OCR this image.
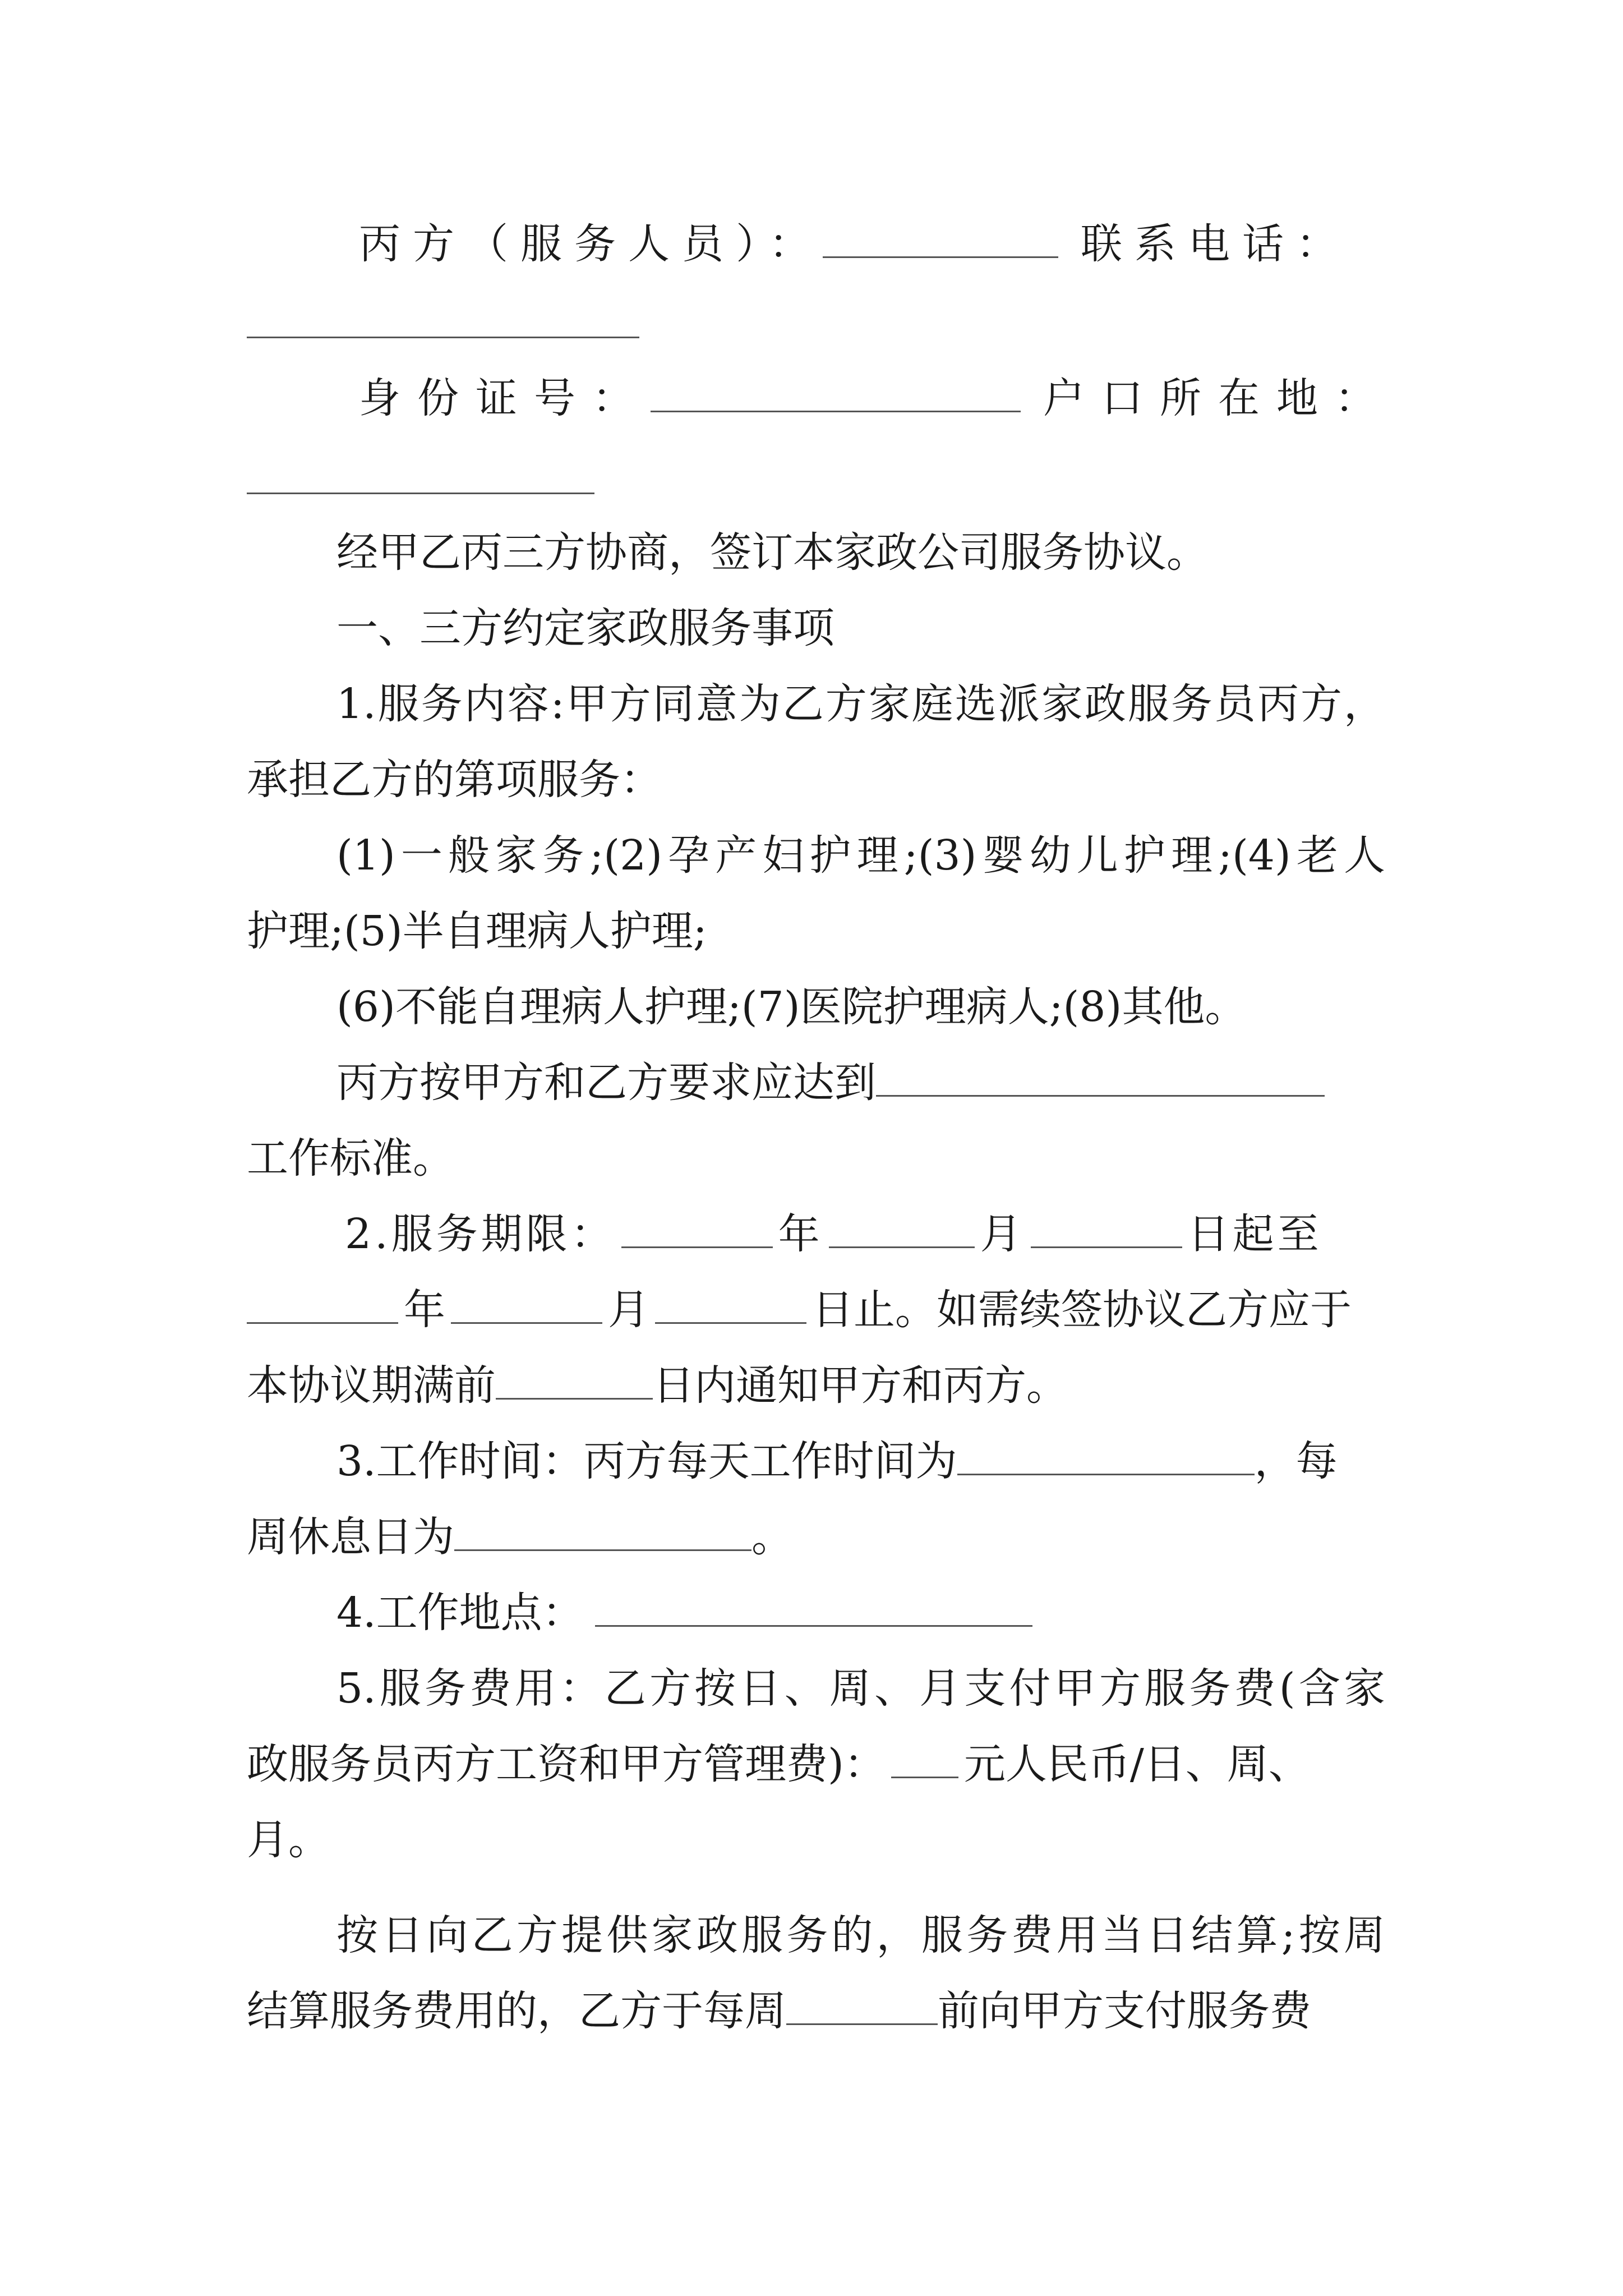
丙方（服务人员）：	联系电话：
身份证号：	户口所在地：
经甲乙丙三方协商，签订本家政公司服务协议。
一、三方约定家政服务事项
1.服务内容:甲方同意为乙方家庭选派家政服务员丙方，
承担乙方的第项服务：
(1)一般家务;(2)孕产妇护理;(3)婴幼儿护理;(4)老人
护理;(5)半自理病人护理;
(6)不能自理病人护理;(7)医院护理病人;(8)其他。
丙方按甲方和乙方要求应达到
工作标准。
2.服务期限：	年	月	日起至
年	月	日止。如需续签协议乙方应于
本协议期满前	日内通知甲方和丙方。
3.工作时间：丙方每天工作时间为	，每
周休息日为	。
4.工作地点：
5.服务费用：乙方按日、周、月支付甲方服务费(含家
政服务员丙方工资和甲方管理费)： 元人民币/日、周、
月。
按日向乙方提供家政服务的，服务费用当日结算;按周
结算服务费用的，乙方于每周	前向甲方支付服务费
